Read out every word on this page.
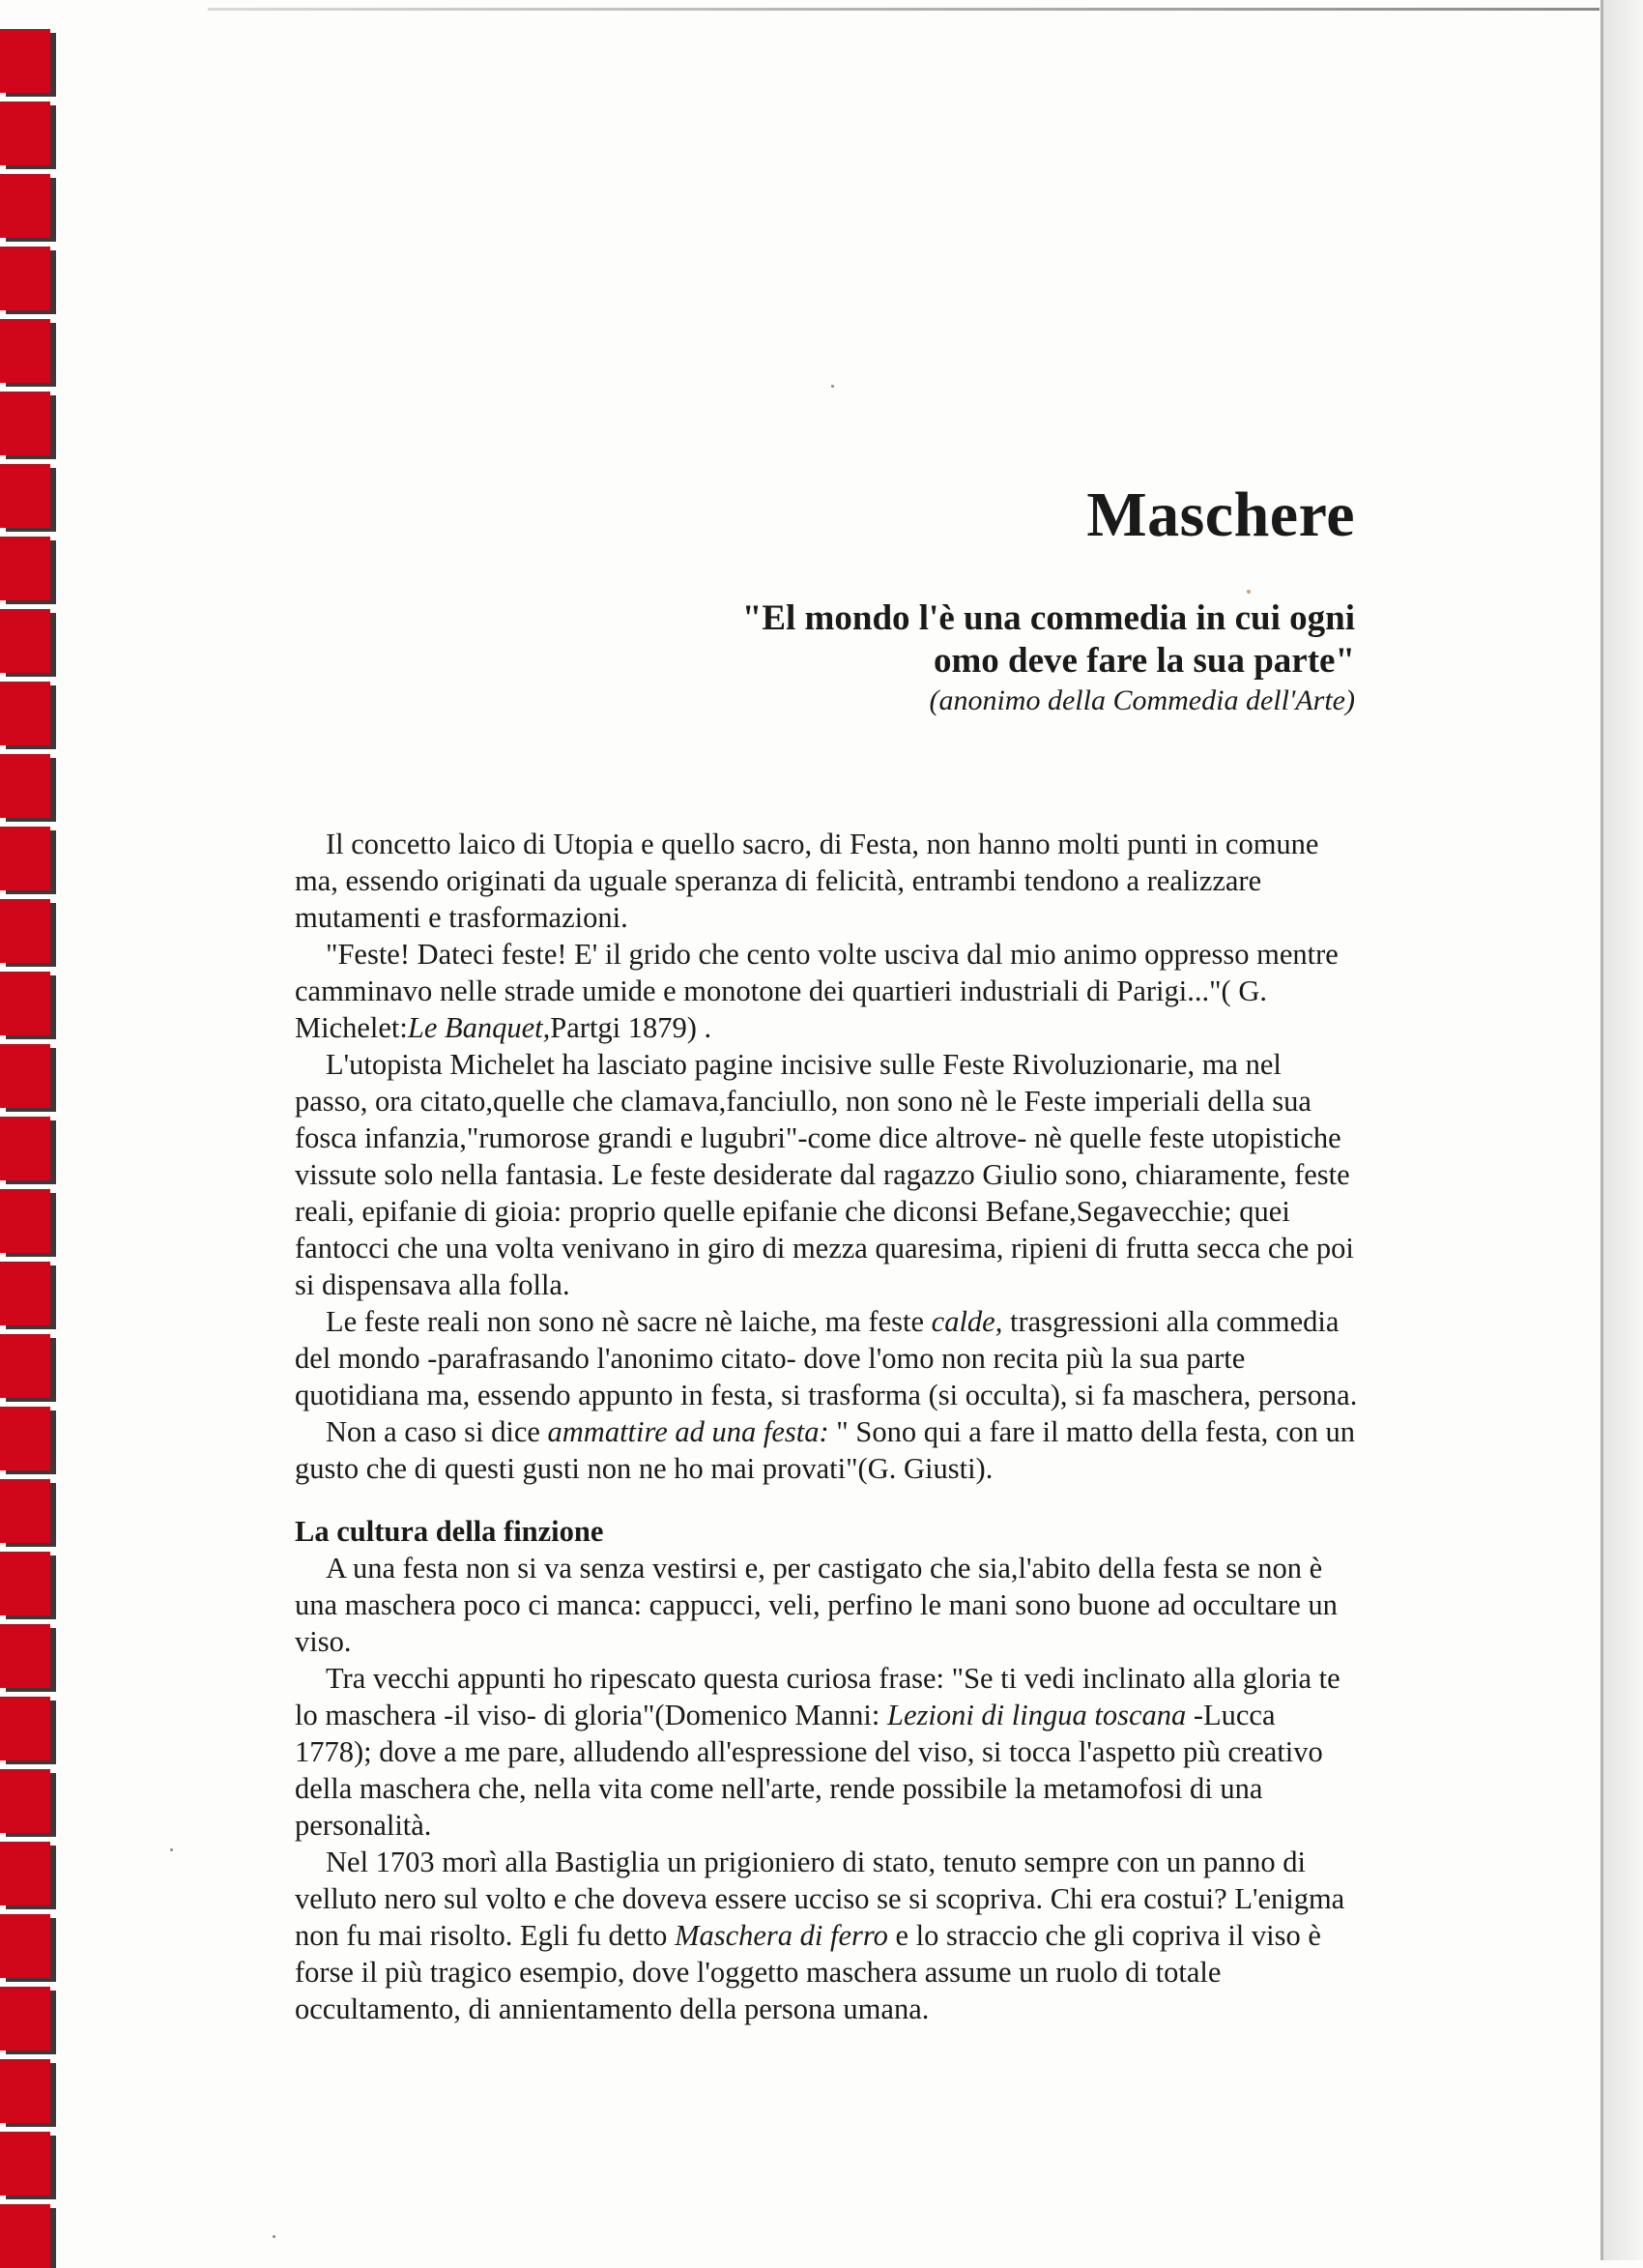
Maschere
"El mondo l'è una commedia in cui ogni
omo deve fare la sua parte"
(anonimo della Commedia dell'Arte)

Il concetto laico di Utopia e quello sacro, di Festa, non hanno molti punti in comune ma, essendo originati da uguale speranza di felicità, entrambi tendono a realizzare mutamenti e trasformazioni.

"Feste! Dateci feste! E' il grido che cento volte usciva dal mio animo oppresso mentre camminavo nelle strade umide e monotone dei quartieri industriali di Parigi..."( G. Michelet:Le Banquet,Partgi 1879) .

L'utopista Michelet ha lasciato pagine incisive sulle Feste Rivoluzionarie, ma nel passo, ora citato,quelle che clamava,fanciullo, non sono nè le Feste imperiali della sua fosca infanzia,"rumorose grandi e lugubri"-come dice altrove- nè quelle feste utopistiche vissute solo nella fantasia. Le feste desiderate dal ragazzo Giulio sono, chiaramente, feste reali, epifanie di gioia: proprio quelle epifanie che diconsi Befane,Segavecchie; quei fantocci che una volta venivano in giro di mezza quaresima, ripieni di frutta secca che poi si dispensava alla folla.

Le feste reali non sono nè sacre nè laiche, ma feste calde, trasgressioni alla commedia del mondo -parafrasando l'anonimo citato- dove l'omo non recita più la sua parte quotidiana ma, essendo appunto in festa, si trasforma (si occulta), si fa maschera, persona.

Non a caso si dice ammattire ad una festa: " Sono qui a fare il matto della festa, con un gusto che di questi gusti non ne ho mai provati"(G. Giusti).

La cultura della finzione

A una festa non si va senza vestirsi e, per castigato che sia,l'abito della festa se non è una maschera poco ci manca: cappucci, veli, perfino le mani sono buone ad occultare un viso.

Tra vecchi appunti ho ripescato questa curiosa frase: "Se ti vedi inclinato alla gloria te lo maschera -il viso- di gloria"(Domenico Manni: Lezioni di lingua toscana -Lucca 1778); dove a me pare, alludendo all'espressione del viso, si tocca l'aspetto più creativo della maschera che, nella vita come nell'arte, rende possibile la metamofosi di una personalità.

Nel 1703 morì alla Bastiglia un prigioniero di stato, tenuto sempre con un panno di velluto nero sul volto e che doveva essere ucciso se si scopriva. Chi era costui? L'enigma non fu mai risolto. Egli fu detto Maschera di ferro e lo straccio che gli copriva il viso è forse il più tragico esempio, dove l'oggetto maschera assume un ruolo di totale occultamento, di annientamento della persona umana.
